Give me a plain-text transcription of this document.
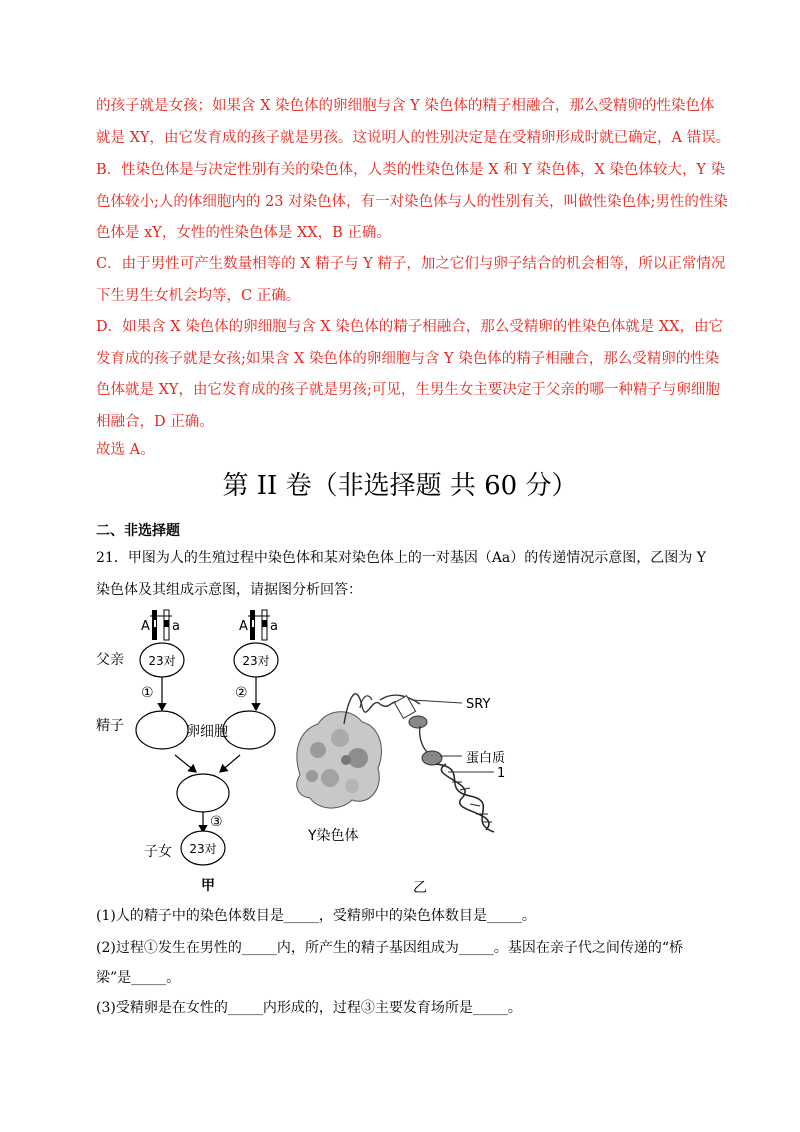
的孩子就是女孩；如果含 X 染色体的卵细胞与含 Y 染色体的精子相融合，那么受精卵的性染色体
就是 XY，由它发育成的孩子就是男孩。这说明人的性别决定是在受精卵形成时就已确定，A 错误。
B．性染色体是与决定性别有关的染色体，人类的性染色体是 X 和 Y 染色体，X 染色体较大，Y 染
色体较小;人的体细胞内的 23 对染色体，有一对染色体与人的性别有关，叫做性染色体;男性的性染
色体是 xY，女性的性染色体是 XX，B 正确。
C．由于男性可产生数量相等的 X 精子与 Y 精子，加之它们与卵子结合的机会相等，所以正常情况
下生男生女机会均等，C 正确。
D．如果含 X 染色体的卵细胞与含 X 染色体的精子相融合，那么受精卵的性染色体就是 XX，由它
发育成的孩子就是女孩;如果含 X 染色体的卵细胞与含 Y 染色体的精子相融合，那么受精卵的性染
色体就是 XY，由它发育成的孩子就是男孩;可见，生男生女主要决定于父亲的哪一种精子与卵细胞
相融合，D 正确。
故选 A。
第 II 卷（非选择题 共 60 分）
二、非选择题
21．甲图为人的生殖过程中染色体和某对染色体上的一对基因（Aa）的传递情况示意图，乙图为 Y
染色体及其组成示意图，请据图分析回答：
A a	A a
23对	23对
父亲
①	②
精子	卵细胞
③
23对
子女
甲
Y染色体
SRY
蛋白质
1
乙
(1)人的精子中的染色体数目是_____，受精卵中的染色体数目是_____。
(2)过程①发生在男性的_____内，所产生的精子基因组成为_____。基因在亲子代之间传递的“桥
梁”是_____。
(3)受精卵是在女性的_____内形成的，过程③主要发育场所是_____。
